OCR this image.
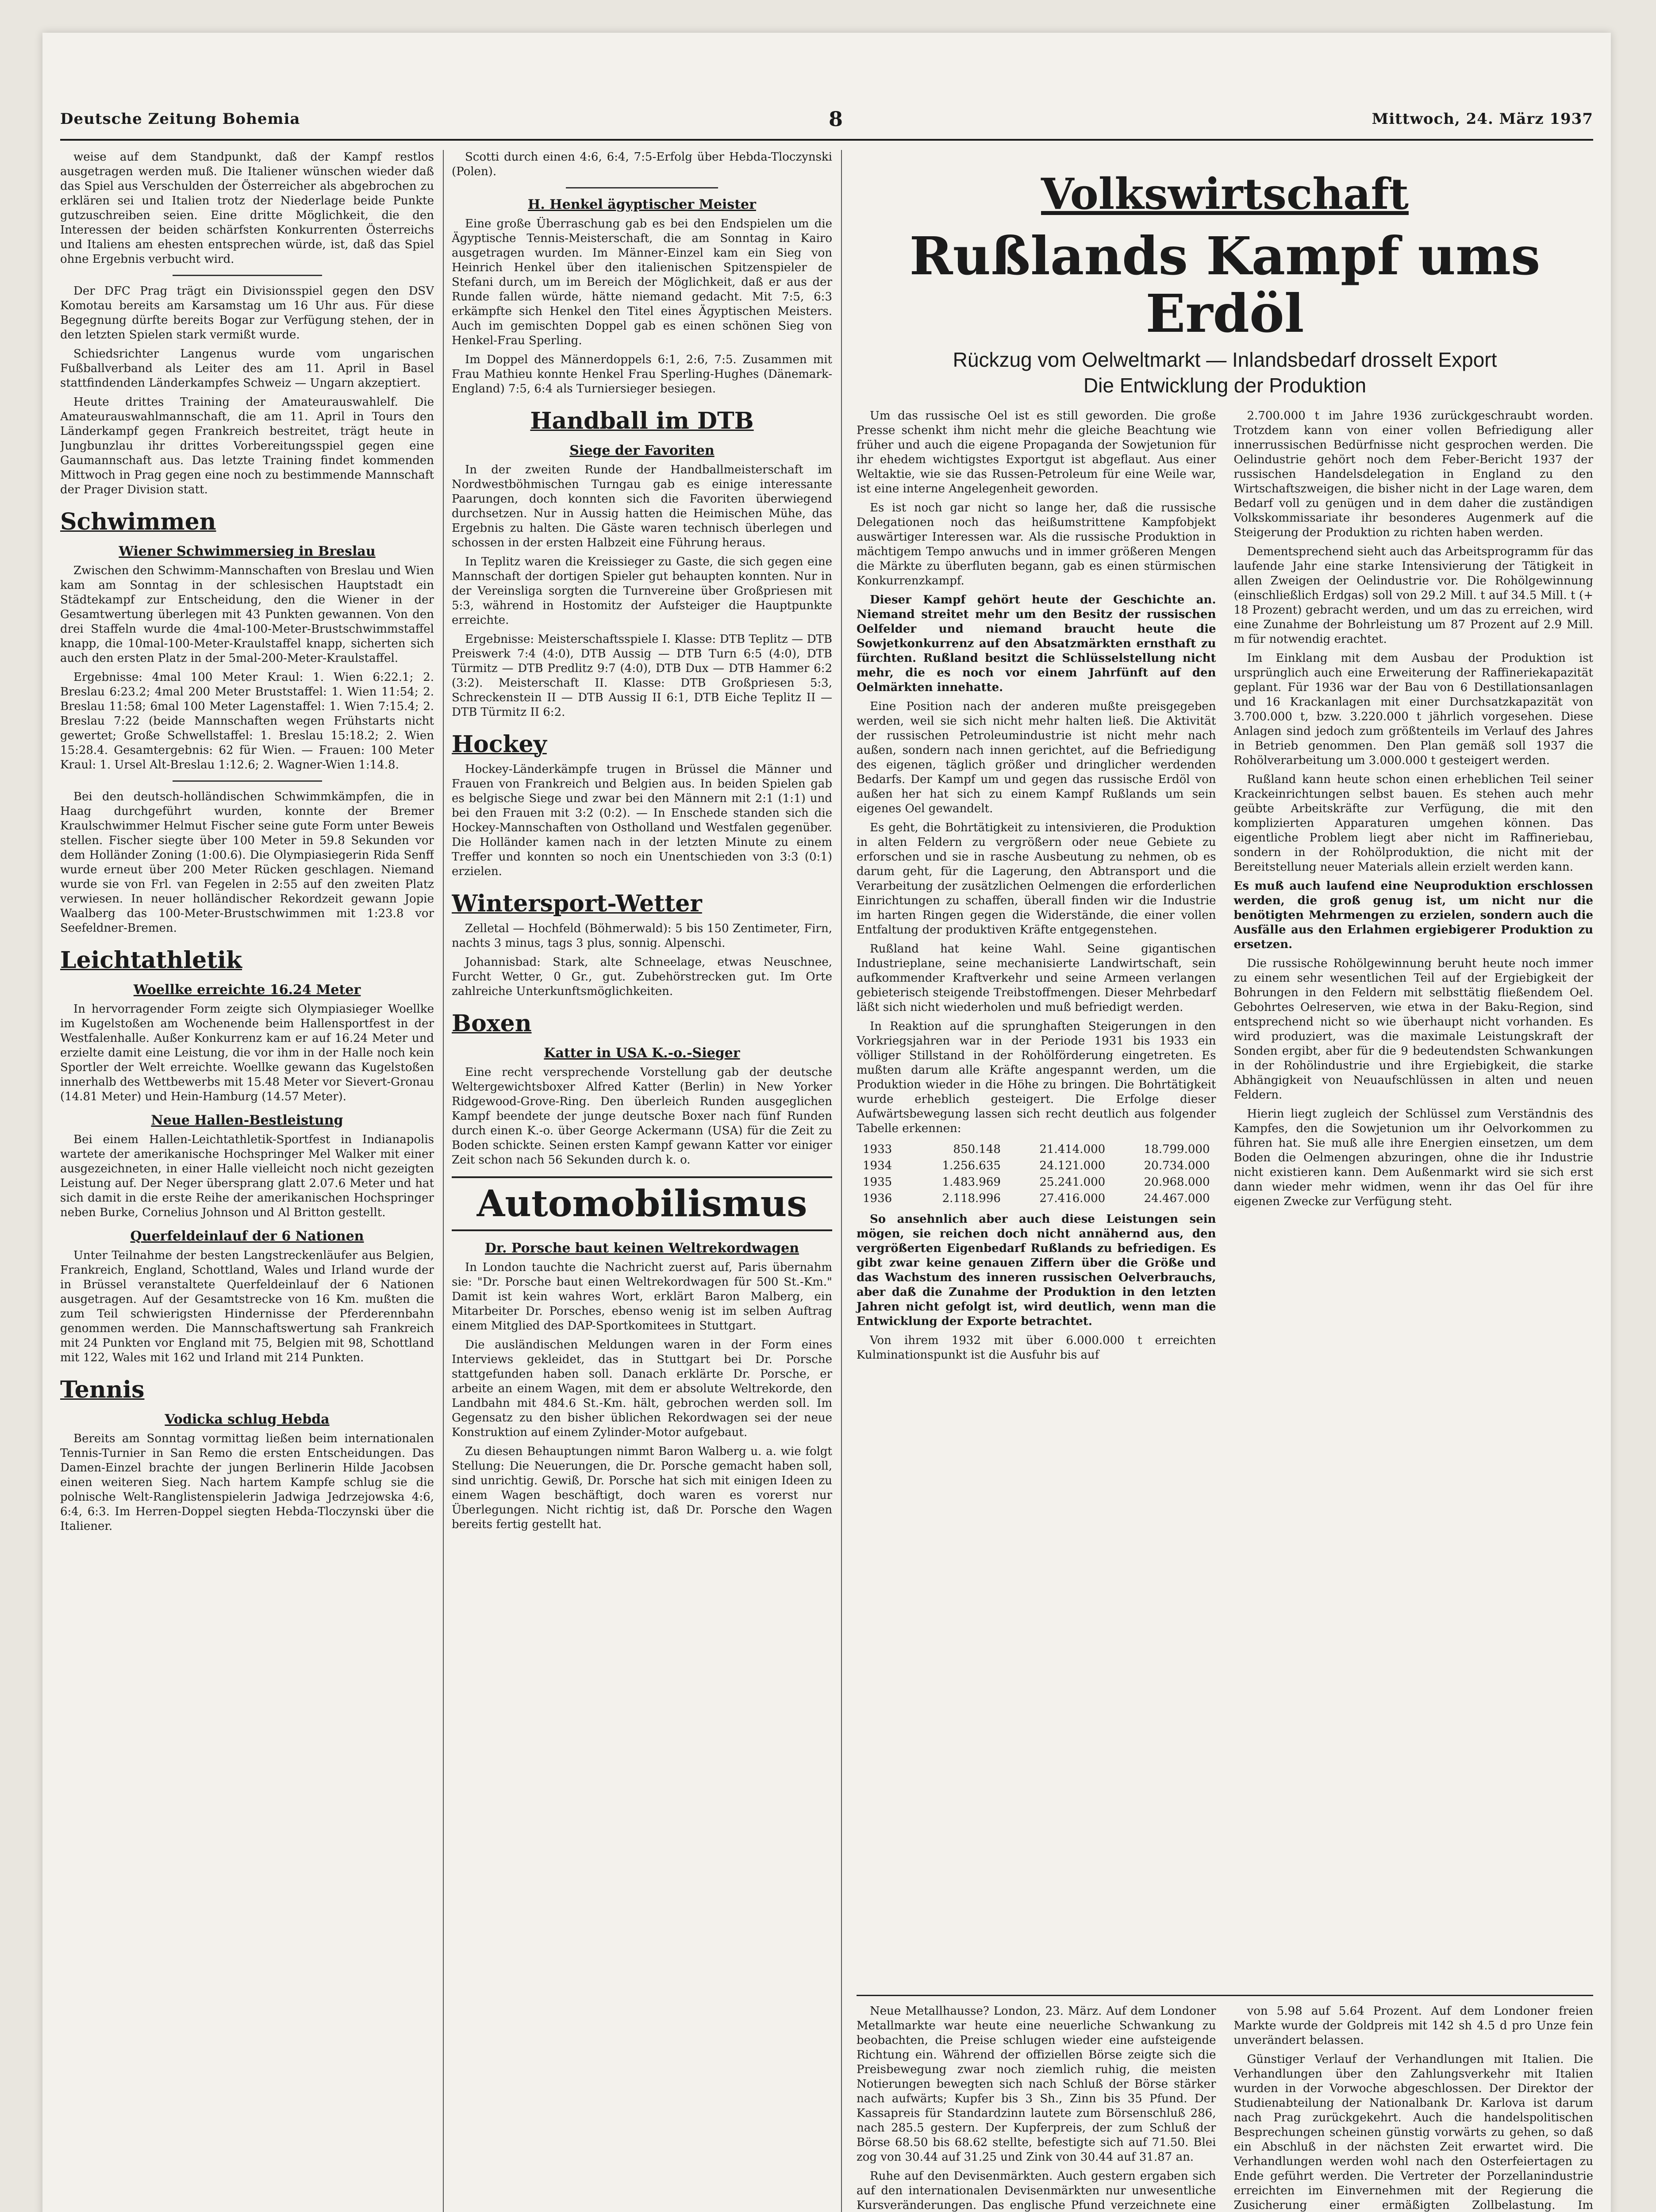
Deutsche Zeitung Bohemia	8	Mittwoch, 24. März 1937

weise auf dem Standpunkt, daß der Kampf restlos ausgetragen werden muß. Die Italiener wünschen wieder daß das Spiel aus Verschulden der Österreicher als abgebrochen zu erklären sei und Italien trotz der Niederlage beide Punkte gutzuschreiben seien. Eine dritte Möglichkeit, die den Interessen der beiden schärfsten Konkurrenten Österreichs und Italiens am ehesten entsprechen würde, ist, daß das Spiel ohne Ergebnis verbucht wird.

Der DFC Prag trägt ein Divisionsspiel gegen den DSV Komotau bereits am Karsamstag um 16 Uhr aus. Für diese Begegnung dürfte bereits Bogar zur Verfügung stehen, der in den letzten Spielen stark vermißt wurde.

Schiedsrichter Langenus wurde vom ungarischen Fußballverband als Leiter des am 11. April in Basel stattfindenden Länderkampfes Schweiz — Ungarn akzeptiert.

Heute drittes Training der Amateurauswahlelf. Die Amateurauswahlmannschaft, die am 11. April in Tours den Länderkampf gegen Frankreich bestreitet, trägt heute in Jungbunzlau ihr drittes Vorbereitungsspiel gegen eine Gaumannschaft aus. Das letzte Training findet kommenden Mittwoch in Prag gegen eine noch zu bestimmende Mannschaft der Prager Division statt.

Schwimmen
Wiener Schwimmersieg in Breslau

Zwischen den Schwimm-Mannschaften von Breslau und Wien kam am Sonntag in der schlesischen Hauptstadt ein Städtekampf zur Entscheidung, den die Wiener in der Gesamtwertung überlegen mit 43 Punkten gewannen. Von den drei Staffeln wurde die 4mal-100-Meter-Brustschwimmstaffel knapp, die 10mal-100-Meter-Kraulstaffel knapp, sicherten sich auch den ersten Platz in der 5mal-200-Meter-Kraulstaffel.

Ergebnisse: 4mal 100 Meter Kraul: 1. Wien 6:22.1; 2. Breslau 6:23.2; 4mal 200 Meter Bruststaffel: 1. Wien 11:54; 2. Breslau 11:58; 6mal 100 Meter Lagenstaffel: 1. Wien 7:15.4; 2. Breslau 7:22 (beide Mannschaften wegen Frühstarts nicht gewertet; Große Schwellstaffel: 1. Breslau 15:18.2; 2. Wien 15:28.4. Gesamtergebnis: 62 für Wien. — Frauen: 100 Meter Kraul: 1. Ursel Alt-Breslau 1:12.6; 2. Wagner-Wien 1:14.8.

Bei den deutsch-holländischen Schwimmkämpfen, die in Haag durchgeführt wurden, konnte der Bremer Kraulschwimmer Helmut Fischer seine gute Form unter Beweis stellen. Fischer siegte über 100 Meter in 59.8 Sekunden vor dem Holländer Zoning (1:00.6). Die Olympiasiegerin Rida Senff wurde erneut über 200 Meter Rücken geschlagen. Niemand wurde sie von Frl. van Fegelen in 2:55 auf den zweiten Platz verwiesen. In neuer holländischer Rekordzeit gewann Jopie Waalberg das 100-Meter-Brustschwimmen mit 1:23.8 vor Seefeldner-Bremen.

Leichtathletik
Woellke erreichte 16.24 Meter

In hervorragender Form zeigte sich Olympiasieger Woellke im Kugelstoßen am Wochenende beim Hallensportfest in der Westfalenhalle. Außer Konkurrenz kam er auf 16.24 Meter und erzielte damit eine Leistung, die vor ihm in der Halle noch kein Sportler der Welt erreichte. Woellke gewann das Kugelstoßen innerhalb des Wettbewerbs mit 15.48 Meter vor Sievert-Gronau (14.81 Meter) und Hein-Hamburg (14.57 Meter).

Neue Hallen-Bestleistung

Bei einem Hallen-Leichtathletik-Sportfest in Indianapolis wartete der amerikanische Hochspringer Mel Walker mit einer ausgezeichneten, in einer Halle vielleicht noch nicht gezeigten Leistung auf. Der Neger übersprang glatt 2.07.6 Meter und hat sich damit in die erste Reihe der amerikanischen Hochspringer neben Burke, Cornelius Johnson und Al Britton gestellt.

Querfeldeinlauf der 6 Nationen

Unter Teilnahme der besten Langstreckenläufer aus Belgien, Frankreich, England, Schottland, Wales und Irland wurde der in Brüssel veranstaltete Querfeldeinlauf der 6 Nationen ausgetragen. Auf der Gesamtstrecke von 16 Km. mußten die zum Teil schwierigsten Hindernisse der Pferderennbahn genommen werden. Die Mannschaftswertung sah Frankreich mit 24 Punkten vor England mit 75, Belgien mit 98, Schottland mit 122, Wales mit 162 und Irland mit 214 Punkten.

Tennis
Vodicka schlug Hebda

Bereits am Sonntag vormittag ließen beim internationalen Tennis-Turnier in San Remo die ersten Entscheidungen. Das Damen-Einzel brachte der jungen Berlinerin Hilde Jacobsen einen weiteren Sieg. Nach hartem Kampfe schlug sie die polnische Welt-Ranglistenspielerin Jadwiga Jedrzejowska 4:6, 6:4, 6:3. Im Herren-Doppel siegten Hebda-Tloczynski über die Italiener.

Scotti durch einen 4:6, 6:4, 7:5-Erfolg über Hebda-Tloczynski (Polen).

H. Henkel ägyptischer Meister

Eine große Überraschung gab es bei den Endspielen um die Ägyptische Tennis-Meisterschaft, die am Sonntag in Kairo ausgetragen wurden. Im Männer-Einzel kam ein Sieg von Heinrich Henkel über den italienischen Spitzenspieler de Stefani durch, um im Bereich der Möglichkeit, daß er aus der Runde fallen würde, hätte niemand gedacht. Mit 7:5, 6:3 erkämpfte sich Henkel den Titel eines Ägyptischen Meisters. Auch im gemischten Doppel gab es einen schönen Sieg von Henkel-Frau Sperling.

Im Doppel des Männerdoppels 6:1, 2:6, 7:5. Zusammen mit Frau Mathieu konnte Henkel Frau Sperling-Hughes (Dänemark-England) 7:5, 6:4 als Turniersieger besiegen.

Handball im DTB
Siege der Favoriten

In der zweiten Runde der Handballmeisterschaft im Nordwestböhmischen Turngau gab es einige interessante Paarungen, doch konnten sich die Favoriten überwiegend durchsetzen. Nur in Aussig hatten die Heimischen Mühe, das Ergebnis zu halten. Die Gäste waren technisch überlegen und schossen in der ersten Halbzeit eine Führung heraus.

In Teplitz waren die Kreissieger zu Gaste, die sich gegen eine Mannschaft der dortigen Spieler gut behaupten konnten. Nur in der Vereinsliga sorgten die Turnvereine über Großpriesen mit 5:3, während in Hostomitz der Aufsteiger die Hauptpunkte erreichte.

Ergebnisse: Meisterschaftsspiele I. Klasse: DTB Teplitz — DTB Preiswerk 7:4 (4:0), DTB Aussig — DTB Turn 6:5 (4:0), DTB Türmitz — DTB Predlitz 9:7 (4:0), DTB Dux — DTB Hammer 6:2 (3:2). Meisterschaft II. Klasse: DTB Großpriesen 5:3, Schreckenstein II — DTB Aussig II 6:1, DTB Eiche Teplitz II — DTB Türmitz II 6:2.

Hockey

Hockey-Länderkämpfe trugen in Brüssel die Männer und Frauen von Frankreich und Belgien aus. In beiden Spielen gab es belgische Siege und zwar bei den Männern mit 2:1 (1:1) und bei den Frauen mit 3:2 (0:2). — In Enschede standen sich die Hockey-Mannschaften von Ostholland und Westfalen gegenüber. Die Holländer kamen nach in der letzten Minute zu einem Treffer und konnten so noch ein Unentschieden von 3:3 (0:1) erzielen.

Wintersport-Wetter

Zelletal — Hochfeld (Böhmerwald): 5 bis 150 Zentimeter, Firn, nachts 3 minus, tags 3 plus, sonnig. Alpenschi.

Johannisbad: Stark, alte Schneelage, etwas Neuschnee, Furcht Wetter, 0 Gr., gut. Zubehörstrecken gut. Im Orte zahlreiche Unterkunftsmöglichkeiten.

Boxen
Katter in USA K.-o.-Sieger

Eine recht versprechende Vorstellung gab der deutsche Weltergewichtsboxer Alfred Katter (Berlin) in New Yorker Ridgewood-Grove-Ring. Den überleich Runden ausgeglichen Kampf beendete der junge deutsche Boxer nach fünf Runden durch einen K.-o. über George Ackermann (USA) für die Zeit zu Boden schickte. Seinen ersten Kampf gewann Katter vor einiger Zeit schon nach 56 Sekunden durch k. o.

Automobilismus
Dr. Porsche baut keinen Weltrekordwagen

In London tauchte die Nachricht zuerst auf, Paris übernahm sie: "Dr. Porsche baut einen Weltrekordwagen für 500 St.-Km." Damit ist kein wahres Wort, erklärt Baron Malberg, ein Mitarbeiter Dr. Porsches, ebenso wenig ist im selben Auftrag einem Mitglied des DAP-Sportkomitees in Stuttgart.

Die ausländischen Meldungen waren in der Form eines Interviews gekleidet, das in Stuttgart bei Dr. Porsche stattgefunden haben soll. Danach erklärte Dr. Porsche, er arbeite an einem Wagen, mit dem er absolute Weltrekorde, den Landbahn mit 484.6 St.-Km. hält, gebrochen werden soll. Im Gegensatz zu den bisher üblichen Rekordwagen sei der neue Konstruktion auf einem Zylinder-Motor aufgebaut.

Zu diesen Behauptungen nimmt Baron Walberg u. a. wie folgt Stellung: Die Neuerungen, die Dr. Porsche gemacht haben soll, sind unrichtig. Gewiß, Dr. Porsche hat sich mit einigen Ideen zu einem Wagen beschäftigt, doch waren es vorerst nur Überlegungen. Nicht richtig ist, daß Dr. Porsche den Wagen bereits fertig gestellt hat.

Volkswirtschaft
Rußlands Kampf ums Erdöl
Rückzug vom Oelweltmarkt — Inlandsbedarf drosselt Export
Die Entwicklung der Produktion

Um das russische Oel ist es still geworden. Die große Presse schenkt ihm nicht mehr die gleiche Beachtung wie früher und auch die eigene Propaganda der Sowjetunion für ihr ehedem wichtigstes Exportgut ist abgeflaut. Aus einer Weltaktie, wie sie das Russen-Petroleum für eine Weile war, ist eine interne Angelegenheit geworden.

Es ist noch gar nicht so lange her, daß die russische Delegationen noch das heißumstrittene Kampfobjekt auswärtiger Interessen war. Als die russische Produktion in mächtigem Tempo anwuchs und in immer größeren Mengen die Märkte zu überfluten begann, gab es einen stürmischen Konkurrenzkampf.

Dieser Kampf gehört heute der Geschichte an. Niemand streitet mehr um den Besitz der russischen Oelfelder und niemand braucht heute die Sowjetkonkurrenz auf den Absatzmärkten ernsthaft zu fürchten. Rußland besitzt die Schlüsselstellung nicht mehr, die es noch vor einem Jahrfünft auf den Oelmärkten innehatte.

Eine Position nach der anderen mußte preisgegeben werden, weil sie sich nicht mehr halten ließ. Die Aktivität der russischen Petroleumindustrie ist nicht mehr nach außen, sondern nach innen gerichtet, auf die Befriedigung des eigenen, täglich größer und dringlicher werdenden Bedarfs. Der Kampf um und gegen das russische Erdöl von außen her hat sich zu einem Kampf Rußlands um sein eigenes Oel gewandelt.

Es geht, die Bohrtätigkeit zu intensivieren, die Produktion in alten Feldern zu vergrößern oder neue Gebiete zu erforschen und sie in rasche Ausbeutung zu nehmen, ob es darum geht, für die Lagerung, den Abtransport und die Verarbeitung der zusätzlichen Oelmengen die erforderlichen Einrichtungen zu schaffen, überall finden wir die Industrie im harten Ringen gegen die Widerstände, die einer vollen Entfaltung der produktiven Kräfte entgegenstehen.

Rußland hat keine Wahl. Seine gigantischen Industrieplane, seine mechanisierte Landwirtschaft, sein aufkommender Kraftverkehr und seine Armeen verlangen gebieterisch steigende Treibstoffmengen. Dieser Mehrbedarf läßt sich nicht wiederholen und muß befriedigt werden.

In Reaktion auf die sprunghaften Steigerungen in den Vorkriegsjahren war in der Periode 1931 bis 1933 ein völliger Stillstand in der Rohölförderung eingetreten. Es mußten darum alle Kräfte angespannt werden, um die Produktion wieder in die Höhe zu bringen. Die Bohrtätigkeit wurde erheblich gesteigert. Die Erfolge dieser Aufwärtsbewegung lassen sich recht deutlich aus folgender Tabelle erkennen:

1933	850.148	21.414.000	18.799.000
1934	1.256.635	24.121.000	20.734.000
1935	1.483.969	25.241.000	20.968.000
1936	2.118.996	27.416.000	24.467.000

So ansehnlich aber auch diese Leistungen sein mögen, sie reichen doch nicht annähernd aus, den vergrößerten Eigenbedarf Rußlands zu befriedigen. Es gibt zwar keine genauen Ziffern über die Größe und das Wachstum des inneren russischen Oelverbrauchs, aber daß die Zunahme der Produktion in den letzten Jahren nicht gefolgt ist, wird deutlich, wenn man die Entwicklung der Exporte betrachtet.

Von ihrem 1932 mit über 6.000.000 t erreichten Kulminationspunkt ist die Ausfuhr bis auf

2.700.000 t im Jahre 1936 zurückgeschraubt worden. Trotzdem kann von einer vollen Befriedigung aller innerrussischen Bedürfnisse nicht gesprochen werden. Die Oelindustrie gehört noch dem Feber-Bericht 1937 der russischen Handelsdelegation in England zu den Wirtschaftszweigen, die bisher nicht in der Lage waren, dem Bedarf voll zu genügen und in dem daher die zuständigen Volkskommissariate ihr besonderes Augenmerk auf die Steigerung der Produktion zu richten haben werden.

Dementsprechend sieht auch das Arbeitsprogramm für das laufende Jahr eine starke Intensivierung der Tätigkeit in allen Zweigen der Oelindustrie vor. Die Rohölgewinnung (einschließlich Erdgas) soll von 29.2 Mill. t auf 34.5 Mill. t (+ 18 Prozent) gebracht werden, und um das zu erreichen, wird eine Zunahme der Bohrleistung um 87 Prozent auf 2.9 Mill. m für notwendig erachtet.

Im Einklang mit dem Ausbau der Produktion ist ursprünglich auch eine Erweiterung der Raffineriekapazität geplant. Für 1936 war der Bau von 6 Destillationsanlagen und 16 Krackanlagen mit einer Durchsatzkapazität von 3.700.000 t, bzw. 3.220.000 t jährlich vorgesehen. Diese Anlagen sind jedoch zum größtenteils im Verlauf des Jahres in Betrieb genommen. Den Plan gemäß soll 1937 die Rohölverarbeitung um 3.000.000 t gesteigert werden.

Rußland kann heute schon einen erheblichen Teil seiner Krackeinrichtungen selbst bauen. Es stehen auch mehr geübte Arbeitskräfte zur Verfügung, die mit den komplizierten Apparaturen umgehen können. Das eigentliche Problem liegt aber nicht im Raffineriebau, sondern in der Rohölproduktion, die nicht mit der Bereitstellung neuer Materials allein erzielt werden kann.

Es muß auch laufend eine Neuproduktion erschlossen werden, die groß genug ist, um nicht nur die benötigten Mehrmengen zu erzielen, sondern auch die Ausfälle aus den Erlahmen ergiebigerer Produktion zu ersetzen.

Die russische Rohölgewinnung beruht heute noch immer zu einem sehr wesentlichen Teil auf der Ergiebigkeit der Bohrungen in den Feldern mit selbsttätig fließendem Oel. Gebohrtes Oelreserven, wie etwa in der Baku-Region, sind entsprechend nicht so wie überhaupt nicht vorhanden. Es wird produziert, was die maximale Leistungskraft der Sonden ergibt, aber für die 9 bedeutendsten Schwankungen in der Rohölindustrie und ihre Ergiebigkeit, die starke Abhängigkeit von Neuaufschlüssen in alten und neuen Feldern.

Hierin liegt zugleich der Schlüssel zum Verständnis des Kampfes, den die Sowjetunion um ihr Oelvorkommen zu führen hat. Sie muß alle ihre Energien einsetzen, um dem Boden die Oelmengen abzuringen, ohne die ihr Industrie nicht existieren kann. Dem Außenmarkt wird sie sich erst dann wieder mehr widmen, wenn ihr das Oel für ihre eigenen Zwecke zur Verfügung steht.

Neue Metallhausse? London, 23. März. Auf dem Londoner Metallmarkte war heute eine neuerliche Schwankung zu beobachten, die Preise schlugen wieder eine aufsteigende Richtung ein. Während der offiziellen Börse zeigte sich die Preisbewegung zwar noch ziemlich ruhig, die meisten Notierungen bewegten sich nach Schluß der Börse stärker nach aufwärts; Kupfer bis 3 Sh., Zinn bis 35 Pfund. Der Kassapreis für Standardzinn lautete zum Börsenschluß 286, nach 285.5 gestern. Der Kupferpreis, der zum Schluß der Börse 68.50 bis 68.62 stellte, befestigte sich auf 71.50. Blei zog von 30.44 auf 31.25 und Zink von 30.44 auf 31.87 an.

Ruhe auf den Devisenmärkten. Auch gestern ergaben sich auf den internationalen Devisenmärkten nur unwesentliche Kursveränderungen. Das englische Pfund verzeichnete eine

von 5.98 auf 5.64 Prozent. Auf dem Londoner freien Markte wurde der Goldpreis mit 142 sh 4.5 d pro Unze fein unverändert belassen.

Günstiger Verlauf der Verhandlungen mit Italien. Die Verhandlungen über den Zahlungsverkehr mit Italien wurden in der Vorwoche abgeschlossen. Der Direktor der Studienabteilung der Nationalbank Dr. Karlova ist darum nach Prag zurückgekehrt. Auch die handelspolitischen Besprechungen scheinen günstig vorwärts zu gehen, so daß ein Abschluß in der nächsten Zeit erwartet wird. Die Verhandlungen werden wohl nach den Osterfeiertagen zu Ende geführt werden. Die Vertreter der Porzellanindustrie erreichten im Einvernehmen mit der Regierung die Zusicherung einer ermäßigten Zollbelastung. Im
